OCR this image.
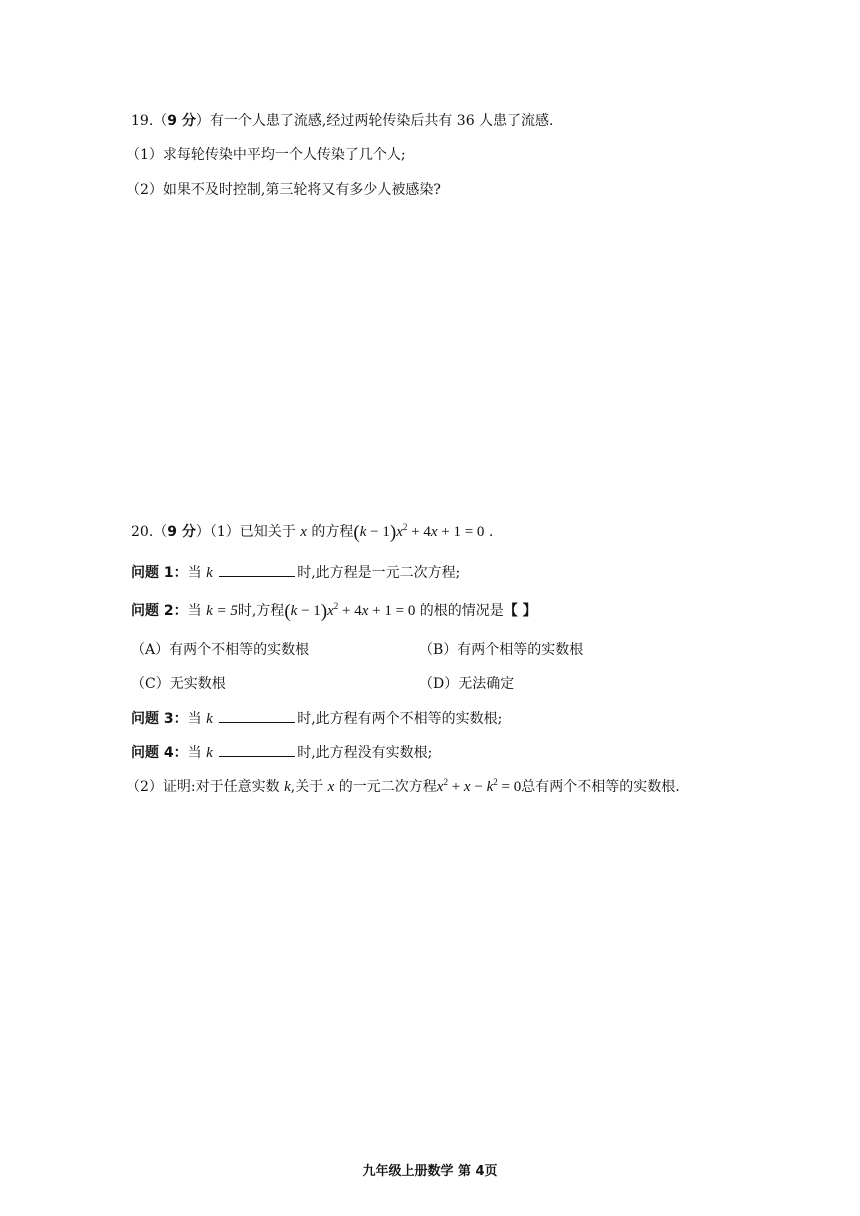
19.（9 分）有一个人患了流感,经过两轮传染后共有 36 人患了流感.
（1）求每轮传染中平均一个人传染了几个人;
（2）如果不及时控制,第三轮将又有多少人被感染?
20.（9 分）（1）已知关于 x 的方程$(k - 1)x^2 + 4x + 1 = 0$ .
问题 1：当 k	时,此方程是一元二次方程;
问题 2：当 k = 5时,方程$(k - 1)x^2 + 4x + 1 = 0$ 的根的情况是【 】
（A）有两个不相等的实数根	（B）有两个相等的实数根
（C）无实数根	（D）无法确定
问题 3：当 k	时,此方程有两个不相等的实数根;
问题 4：当 k	时,此方程没有实数根;
（2）证明:对于任意实数 k,关于 x 的一元二次方程$x^2 + x - k^2 = 0$总有两个不相等的实数根.
九年级上册数学 第 4页
